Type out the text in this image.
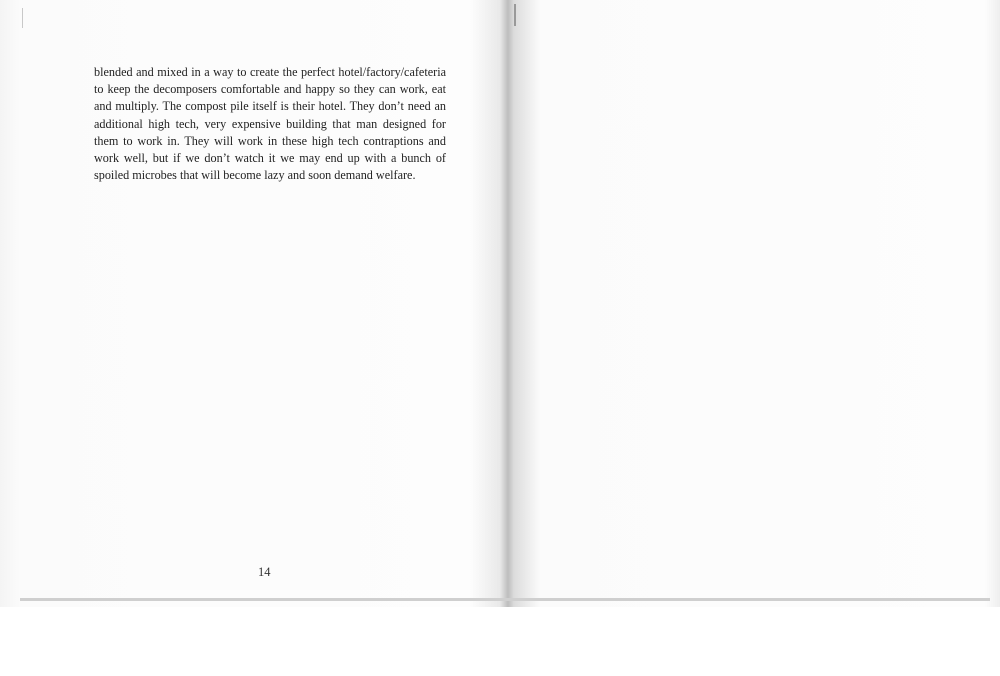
blended and mixed in a way to create the perfect hotel/factory/cafeteria to keep the decomposers comfortable and happy so they can work, eat and multiply. The compost pile itself is their hotel. They don’t need an additional high tech, very expensive building that man designed for them to work in. They will work in these high tech contraptions and work well, but if we don’t watch it we may end up with a bunch of spoiled microbes that will become lazy and soon demand welfare.

14
